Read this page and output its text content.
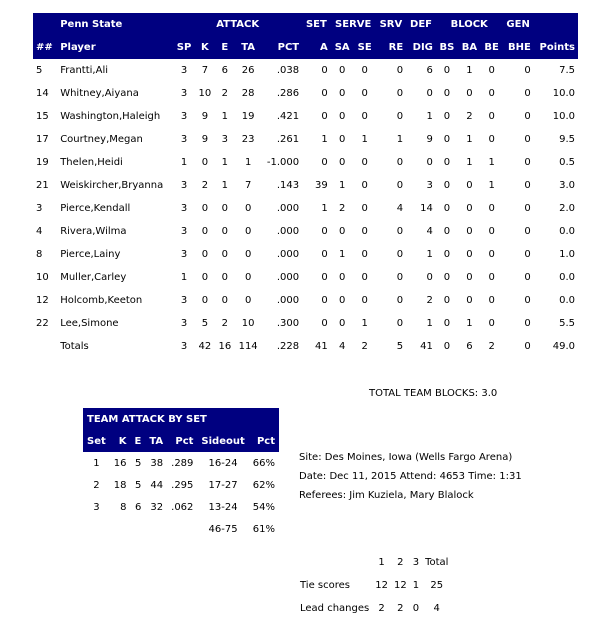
	Penn State	ATTACK					SET	SERVE		SRV	DEF	BLOCK			GEN	
##	Player	SP	K	E	TA	PCT	A	SA	SE	RE	DIG	BS	BA	BE	BHE	Points
5	Frantti,Ali	3	7	6	26	.038	0	0	0	0	6	0	1	0	0	7.5
14	Whitney,Aiyana	3	10	2	28	.286	0	0	0	0	0	0	0	0	0	10.0
15	Washington,Haleigh	3	9	1	19	.421	0	0	0	0	1	0	2	0	0	10.0
17	Courtney,Megan	3	9	3	23	.261	1	0	1	1	9	0	1	0	0	9.5
19	Thelen,Heidi	1	0	1	1	-1.000	0	0	0	0	0	0	1	1	0	0.5
21	Weiskircher,Bryanna	3	2	1	7	.143	39	1	0	0	3	0	0	1	0	3.0
3	Pierce,Kendall	3	0	0	0	.000	1	2	0	4	14	0	0	0	0	2.0
4	Rivera,Wilma	3	0	0	0	.000	0	0	0	0	4	0	0	0	0	0.0
8	Pierce,Lainy	3	0	0	0	.000	0	1	0	0	1	0	0	0	0	1.0
10	Muller,Carley	1	0	0	0	.000	0	0	0	0	0	0	0	0	0	0.0
12	Holcomb,Keeton	3	0	0	0	.000	0	0	0	0	2	0	0	0	0	0.0
22	Lee,Simone	3	5	2	10	.300	0	0	1	0	1	0	1	0	0	5.5
	Totals	3	42	16	114	.228	41	4	2	5	41	0	6	2	0	49.0
TOTAL TEAM BLOCKS: 3.0
TEAM ATTACK BY SET						
Set	K	E	TA	Pct	Sideout	Pct
1	16	5	38	.289	16-24	66%
2	18	5	44	.295	17-27	62%
3	8	6	32	.062	13-24	54%
					46-75	61%
Site: Des Moines, Iowa (Wells Fargo Arena)
Date: Dec 11, 2015 Attend: 4653 Time: 1:31
Referees: Jim Kuziela, Mary Blalock
	1	2	3	Total
Tie scores	12	12	1	25
Lead changes	2	2	0	4
